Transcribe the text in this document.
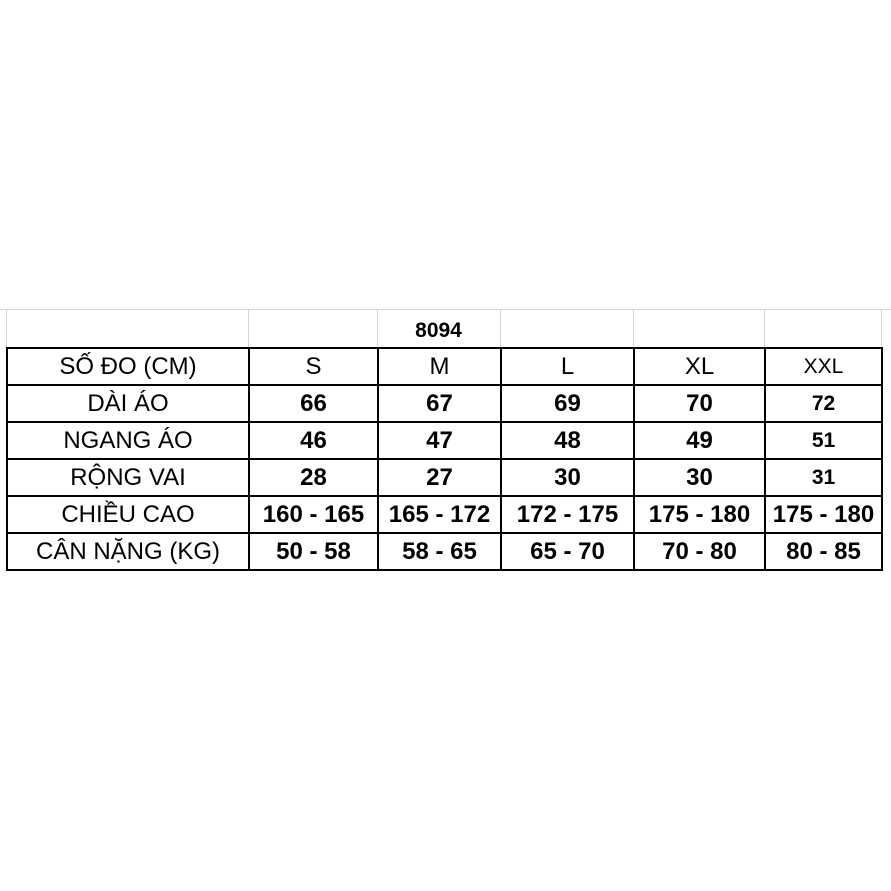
8094
SỐ ĐO (CM)	S	M	L	XL	XXL
DÀI ÁO	66	67	69	70	72
NGANG ÁO	46	47	48	49	51
RỘNG VAI	28	27	30	30	31
CHIỀU CAO	160 - 165	165 - 172	172 - 175	175 - 180	175 - 180
CÂN NẶNG (KG)	50 - 58	58 - 65	65 - 70	70 - 80	80 - 85
